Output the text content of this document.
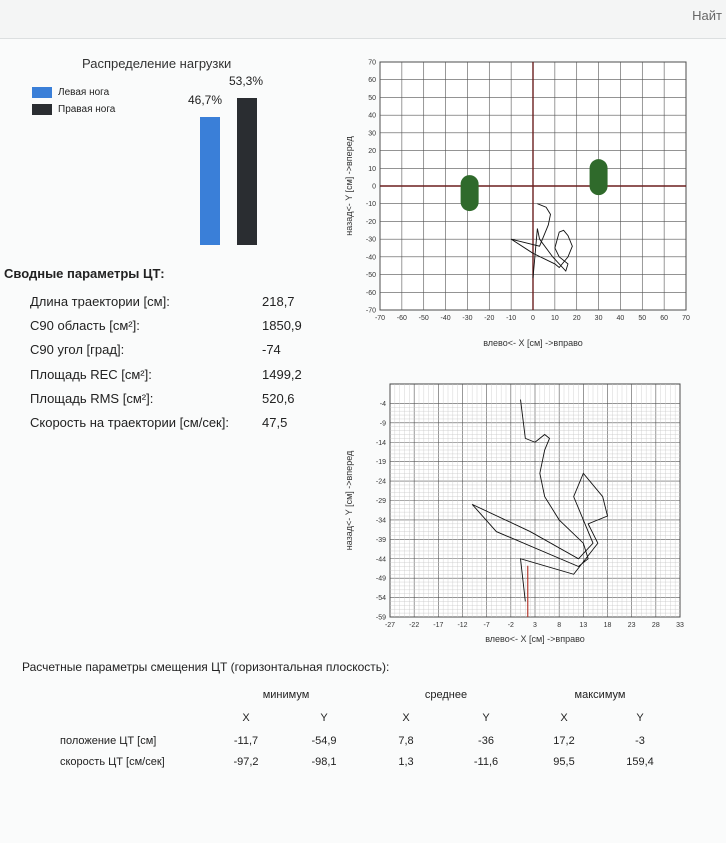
Найт
Распределение нагрузки
Левая нога
Правая нога
46,7%
53,3%
Сводные параметры ЦТ:
Длина траектории [см]:	218,7
С90 область [см²]:	1850,9
С90 угол [град]:	-74
Площадь REC [см²]:	1499,2
Площадь RMS [см²]:	520,6
Скорость на траектории [см/сек]:	47,5
-70 -60 -50 -40 -30 -20 -10 0 10 20 30 40 50 60 70
70
60
50
40
30
20
10
0
-10
-20
-30
-40
-50
-60
-70
влево<- X [см] ->вправо
назад<- Y [см] ->вперед
-27 -22 -17 -12 -7	-2	3	8	13 18 23 28 33
-4
-9
-14
-19
-24
-29
-34
-39
-44
-49
-54
-59
влево<- X [см] ->вправо
назад<- Y [см] ->вперед
Расчетные параметры смещения ЦТ (горизонтальная плоскость):
минимум	среднее	максимум
X	Y	X	Y	X	Y
положение ЦТ [см]	-11,7	-54,9	7,8	-36	17,2	-3
скорость ЦТ [см/сек]	-97,2	-98,1	1,3	-11,6	95,5	159,4
